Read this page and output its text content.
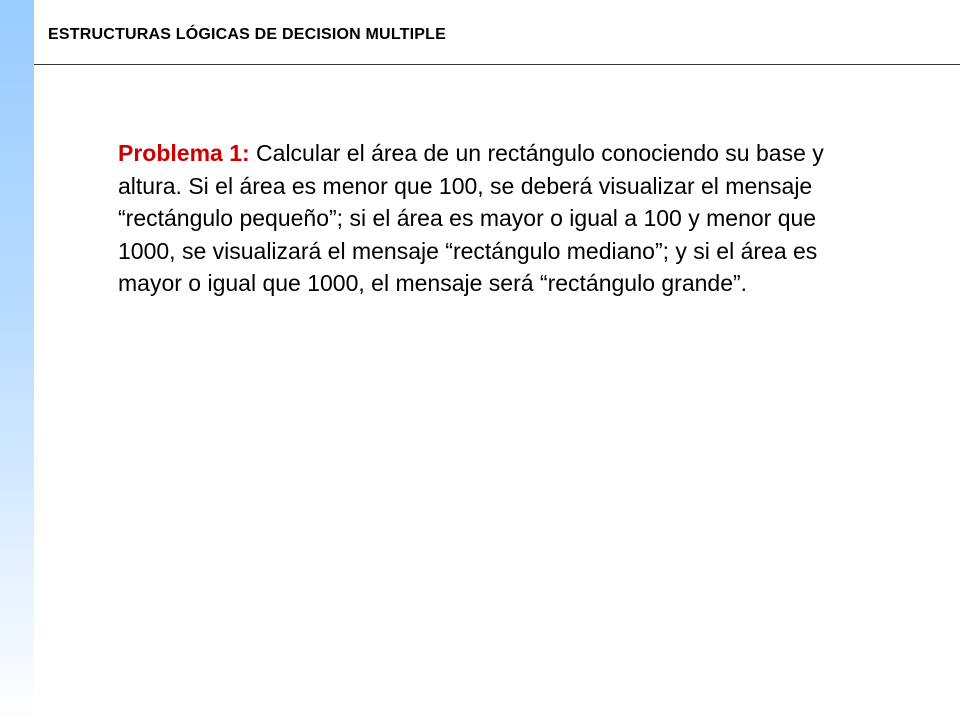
ESTRUCTURAS LÓGICAS DE DECISION MULTIPLE

Problema 1: Calcular el área de un rectángulo conociendo su base y altura. Si el área es menor que 100, se deberá visualizar el mensaje “rectángulo pequeño”; si el área es mayor o igual a 100 y menor que 1000, se visualizará el mensaje “rectángulo mediano”; y si el área es mayor o igual que 1000, el mensaje será “rectángulo grande”.
